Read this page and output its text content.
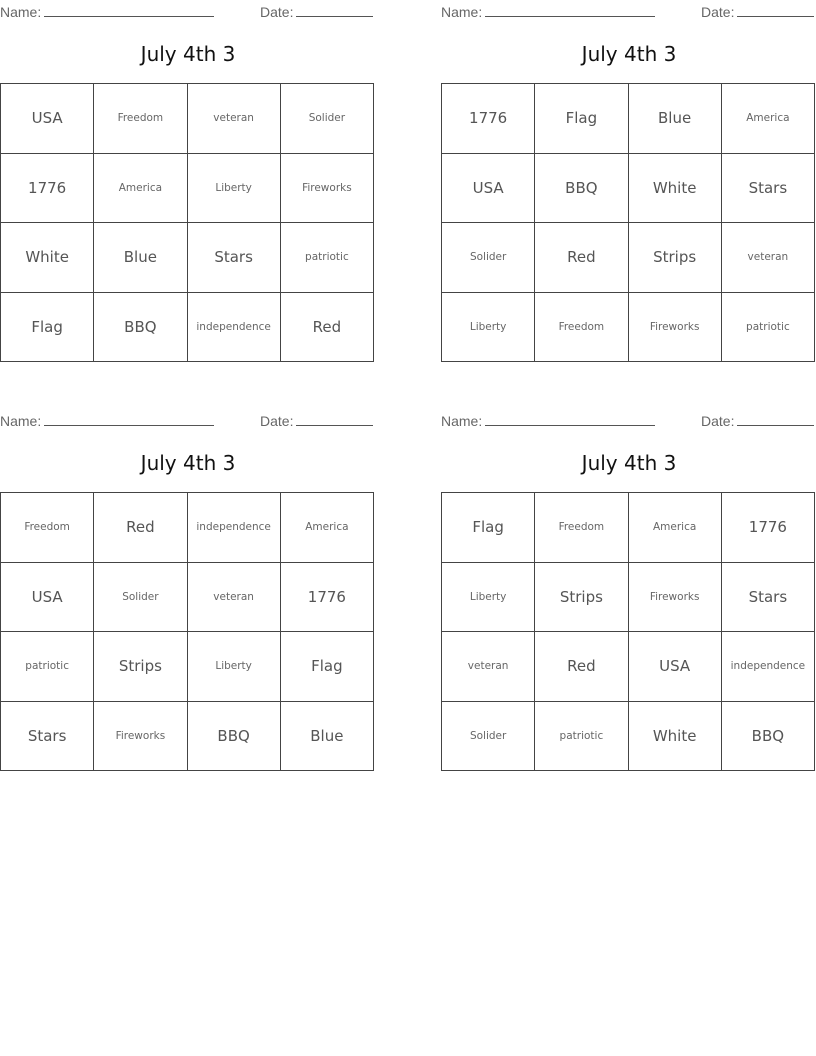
Name:	Date:
July 4th 3
USA	Freedom	veteran	Solider
1776	America	Liberty	Fireworks
White	Blue	Stars	patriotic
Flag	BBQ	independence	Red
Name:	Date:
July 4th 3
1776	Flag	Blue	America
USA	BBQ	White	Stars
Solider	Red	Strips	veteran
Liberty	Freedom	Fireworks	patriotic
Name:	Date:
July 4th 3
Freedom	Red	independence	America
USA	Solider	veteran	1776
patriotic	Strips	Liberty	Flag
Stars	Fireworks	BBQ	Blue
Name:	Date:
July 4th 3
Flag	Freedom	America	1776
Liberty	Strips	Fireworks	Stars
veteran	Red	USA	independence
Solider	patriotic	White	BBQ
